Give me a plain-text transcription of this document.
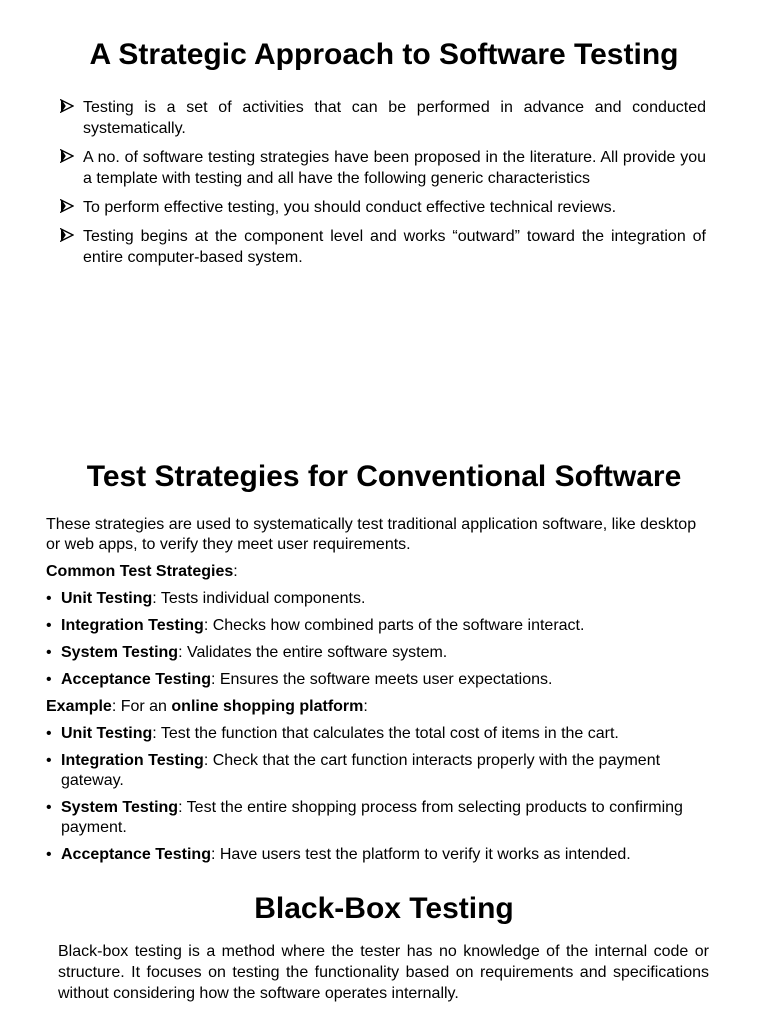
A Strategic Approach to Software Testing
Testing is a set of activities that can be performed in advance and conducted systematically.
A no. of software testing strategies have been proposed in the literature. All provide you a template with testing and all have the following generic characteristics
To perform effective testing, you should conduct effective technical reviews.
Testing begins at the component level and works “outward” toward the integration of entire computer-based system.
Test Strategies for Conventional Software

These strategies are used to systematically test traditional application software, like desktop or web apps, to verify they meet user requirements.

Common Test Strategies:

• Unit Testing: Tests individual components.
• Integration Testing: Checks how combined parts of the software interact.
• System Testing: Validates the entire software system.
• Acceptance Testing: Ensures the software meets user expectations.

Example: For an online shopping platform:

• Unit Testing: Test the function that calculates the total cost of items in the cart.
• Integration Testing: Check that the cart function interacts properly with the payment gateway.
• System Testing: Test the entire shopping process from selecting products to confirming payment.
• Acceptance Testing: Have users test the platform to verify it works as intended.
Black-Box Testing

Black-box testing is a method where the tester has no knowledge of the internal code or structure. It focuses on testing the functionality based on requirements and specifications without considering how the software operates internally.
